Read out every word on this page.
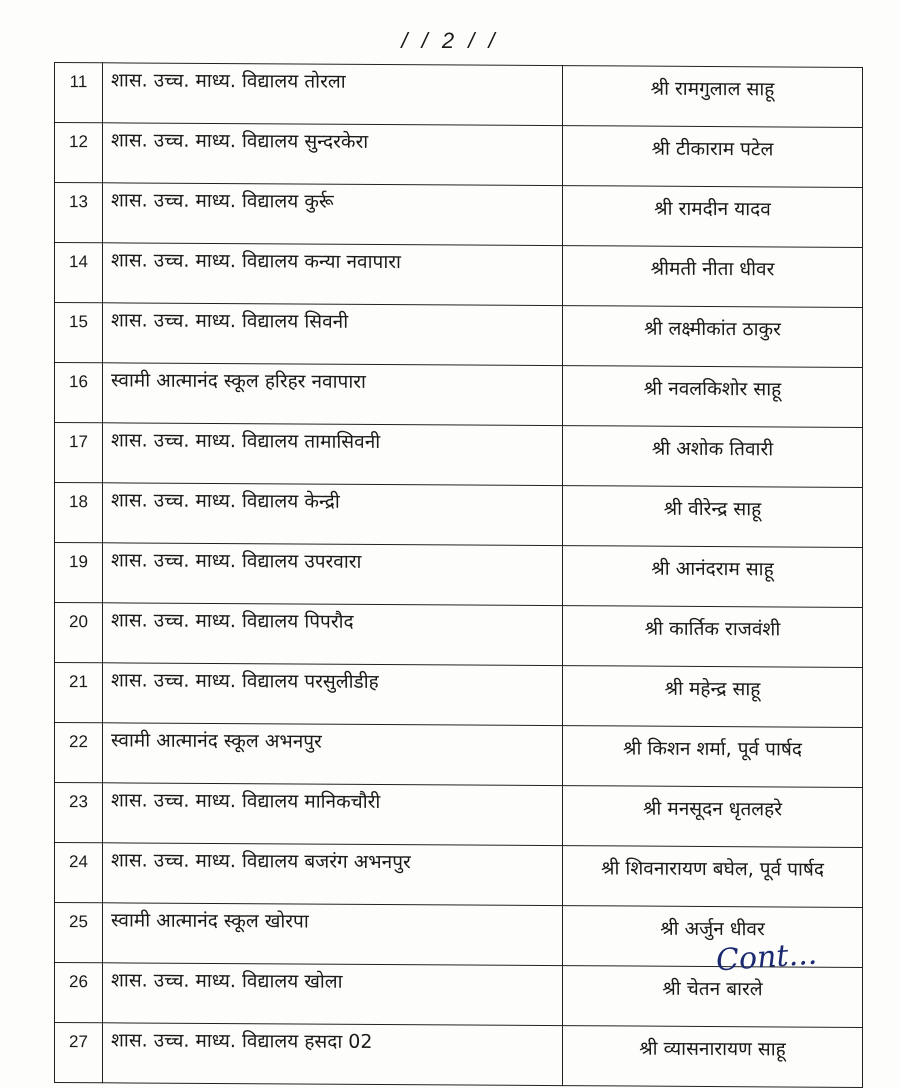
/ / 2 / /
11	शास. उच्च. माध्य. विद्यालय तोरला	श्री रामगुलाल साहू
12	शास. उच्च. माध्य. विद्यालय सुन्दरकेरा	श्री टीकाराम पटेल
13	शास. उच्च. माध्य. विद्यालय कुर्रू	श्री रामदीन यादव
14	शास. उच्च. माध्य. विद्यालय कन्या नवापारा	श्रीमती नीता धीवर
15	शास. उच्च. माध्य. विद्यालय सिवनी	श्री लक्ष्मीकांत ठाकुर
16	स्वामी आत्मानंद स्कूल हरिहर नवापारा	श्री नवलकिशोर साहू
17	शास. उच्च. माध्य. विद्यालय तामासिवनी	श्री अशोक तिवारी
18	शास. उच्च. माध्य. विद्यालय केन्द्री	श्री वीरेन्द्र साहू
19	शास. उच्च. माध्य. विद्यालय उपरवारा	श्री आनंदराम साहू
20	शास. उच्च. माध्य. विद्यालय पिपरौद	श्री कार्तिक राजवंशी
21	शास. उच्च. माध्य. विद्यालय परसुलीडीह	श्री महेन्द्र साहू
22	स्वामी आत्मानंद स्कूल अभनपुर	श्री किशन शर्मा, पूर्व पार्षद
23	शास. उच्च. माध्य. विद्यालय मानिकचौरी	श्री मनसूदन धृतलहरे
24	शास. उच्च. माध्य. विद्यालय बजरंग अभनपुर	श्री शिवनारायण बघेल, पूर्व पार्षद
25	स्वामी आत्मानंद स्कूल खोरपा	श्री अर्जुन धीवर
26	शास. उच्च. माध्य. विद्यालय खोला	श्री चेतन बारले
27	शास. उच्च. माध्य. विद्यालय हसदा 02	श्री व्यासनारायण साहू
Cont...
